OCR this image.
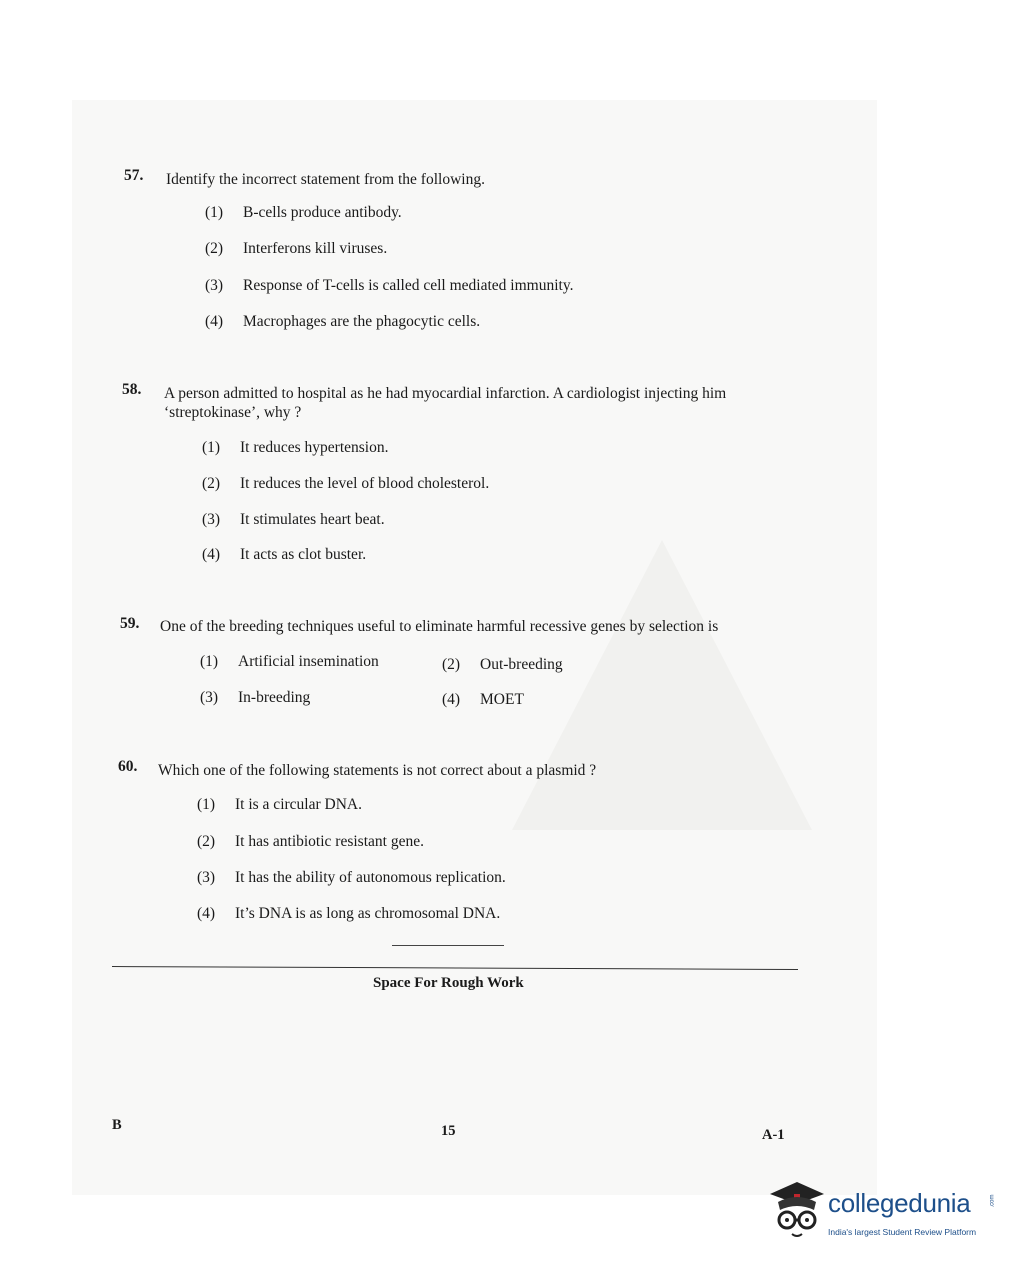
57. Identify the incorrect statement from the following.
(1) B-cells produce antibody.
(2) Interferons kill viruses.
(3) Response of T-cells is called cell mediated immunity.
(4) Macrophages are the phagocytic cells.
58. A person admitted to hospital as he had myocardial infarction. A cardiologist injecting him ‘streptokinase’, why ?
(1) It reduces hypertension.
(2) It reduces the level of blood cholesterol.
(3) It stimulates heart beat.
(4) It acts as clot buster.
59. One of the breeding techniques useful to eliminate harmful recessive genes by selection is
(1) Artificial insemination	(2) Out-breeding
(3) In-breeding	(4) MOET
60. Which one of the following statements is not correct about a plasmid ?
(1) It is a circular DNA.
(2) It has antibiotic resistant gene.
(3) It has the ability of autonomous replication.
(4) It’s DNA is as long as chromosomal DNA.
Space For Rough Work
B	15	A-1
collegedunia	.com
India's largest Student Review Platform
